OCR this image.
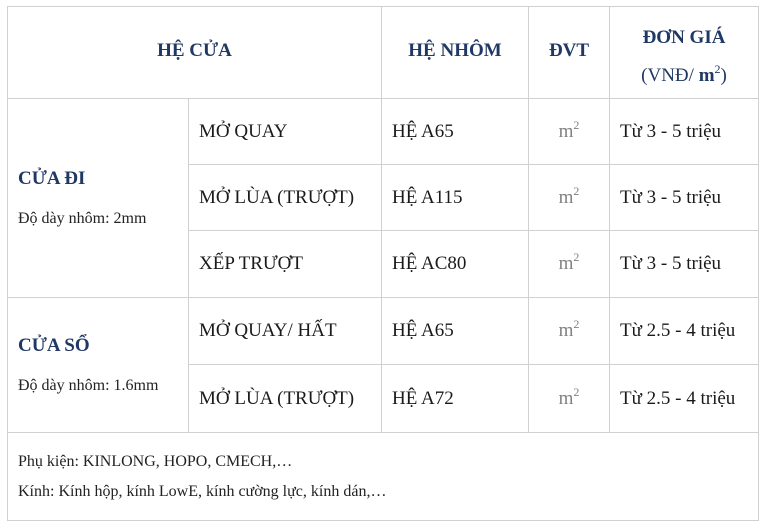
HỆ CỬA		HỆ NHÔM	ĐVT	ĐƠN GIÁ
(VNĐ/ $m^2$)

CỬA ĐI
Độ dày nhôm: 2mm	MỞ QUAY	HỆ A65	$m^2$	Từ 3 - 5 triệu
	MỞ LÙA (TRƯỢT)	HỆ A115	$m^2$	Từ 3 - 5 triệu
	XẾP TRƯỢT	HỆ AC80	$m^2$	Từ 3 - 5 triệu

CỬA SỔ
Độ dày nhôm: 1.6mm	MỞ QUAY/ HẤT	HỆ A65	$m^2$	Từ 2.5 - 4 triệu
	MỞ LÙA (TRƯỢT)	HỆ A72	$m^2$	Từ 2.5 - 4 triệu

Phụ kiện: KINLONG, HOPO, CMECH,…
Kính: Kính hộp, kính LowE, kính cường lực, kính dán,…				
